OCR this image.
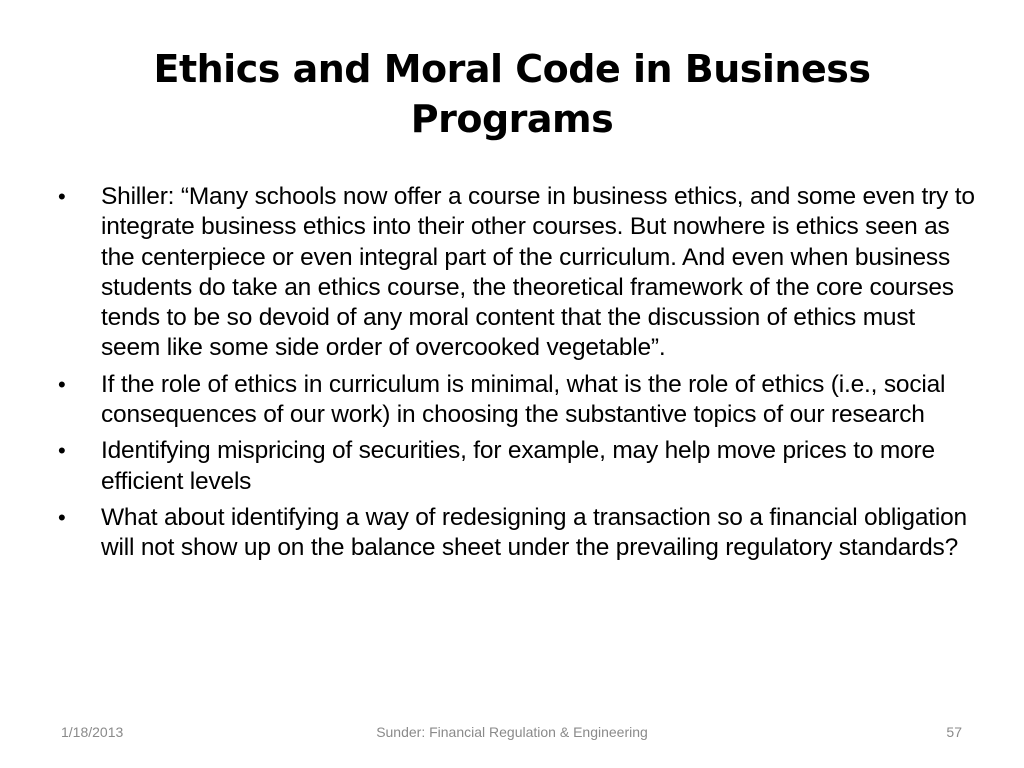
Ethics and Moral Code in Business Programs
• Shiller: “Many schools now offer a course in business ethics, and some even try to integrate business ethics into their other courses. But nowhere is ethics seen as the centerpiece or even integral part of the curriculum. And even when business students do take an ethics course, the theoretical framework of the core courses tends to be so devoid of any moral content that the discussion of ethics must seem like some side order of overcooked vegetable”.
• If the role of ethics in curriculum is minimal, what is the role of ethics (i.e., social consequences of our work) in choosing the substantive topics of our research
• Identifying mispricing of securities, for example, may help move prices to more efficient levels
• What about identifying a way of redesigning a transaction so a financial obligation will not show up on the balance sheet under the prevailing regulatory standards?
1/18/2013	Sunder: Financial Regulation & Engineering	57
